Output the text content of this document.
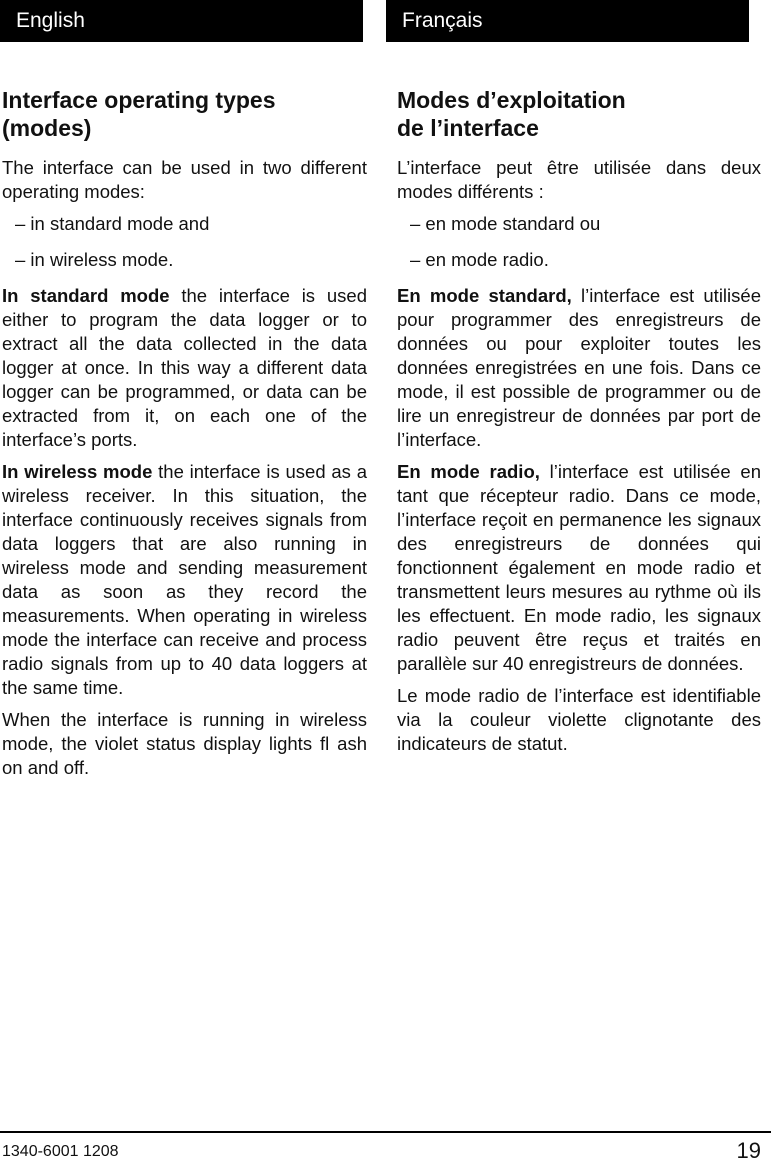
English	Français
Interface operating types
(modes)

The interface can be used in two different operating modes:

– in standard mode and

– in wireless mode.

In standard mode the interface is used either to program the data logger or to extract all the data collected in the data logger at once. In this way a different data logger can be programmed, or data can be extracted from it, on each one of the interface’s ports.

In wireless mode the interface is used as a wireless receiver. In this situation, the interface continuously receives signals from data loggers that are also running in wireless mode and sending measurement data as soon as they record the measurements. When operating in wireless mode the interface can receive and process radio signals from up to 40 data loggers at the same time.

When the interface is running in wireless mode, the violet status display lights fl ash on and off.

Modes d’exploitation
de l’interface

L’interface peut être utilisée dans deux modes différents :

– en mode standard ou

– en mode radio.

En mode standard, l’interface est utilisée pour programmer des enregistreurs de données ou pour exploiter toutes les données enregistrées en une fois. Dans ce mode, il est possible de programmer ou de lire un enregistreur de données par port de l’interface.

En mode radio, l’interface est utilisée en tant que récepteur radio. Dans ce mode, l’interface reçoit en permanence les signaux des enregistreurs de données qui fonctionnent également en mode radio et transmettent leurs mesures au rythme où ils les effectuent. En mode radio, les signaux radio peuvent être reçus et traités en parallèle sur 40 enregistreurs de données.

Le mode radio de l’interface est identifiable via la couleur violette clignotante des indicateurs de statut.

1340-6001 1208	19
